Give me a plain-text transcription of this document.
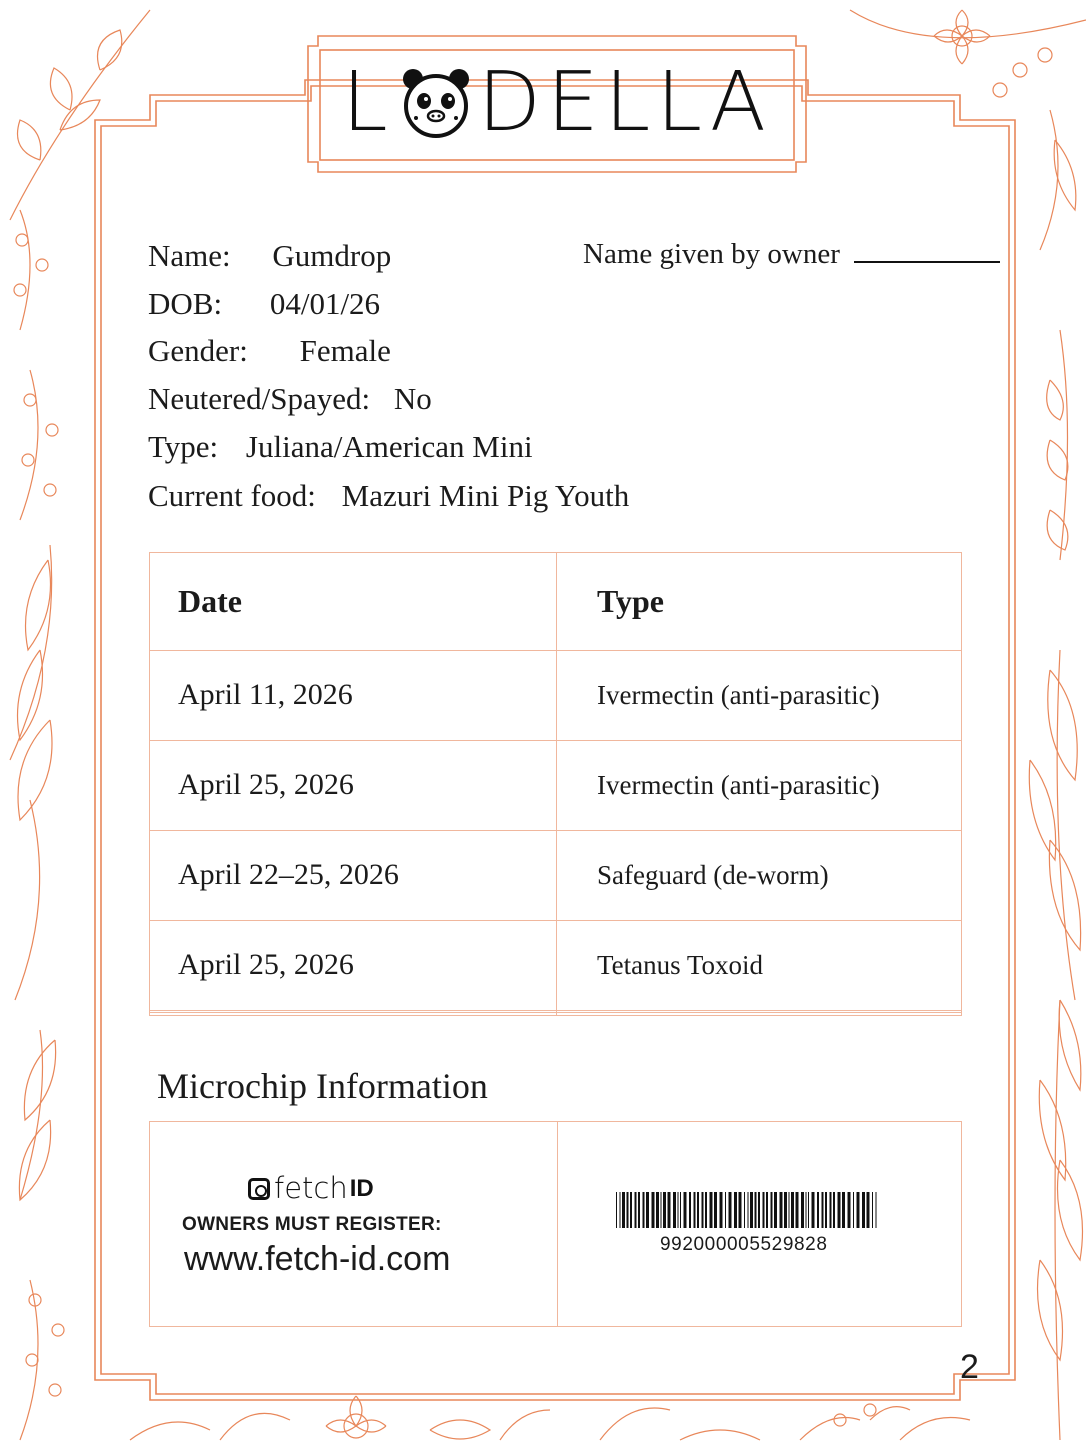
L DELLA
Name: Gumdrop	Name given by owner
DOB: 04/01/26
Gender: Female
Neutered/Spayed: No
Type: Juliana/American Mini
Current food: Mazuri Mini Pig Youth
Date	Type
April 11, 2026	Ivermectin (anti-parasitic)
April 25, 2026	Ivermectin (anti-parasitic)
April 22–25, 2026	Safeguard (de-worm)
April 25, 2026	Tetanus Toxoid

Microchip Information
fetch ID
OWNERS MUST REGISTER:
www.fetch-id.com	992000005529828
2
